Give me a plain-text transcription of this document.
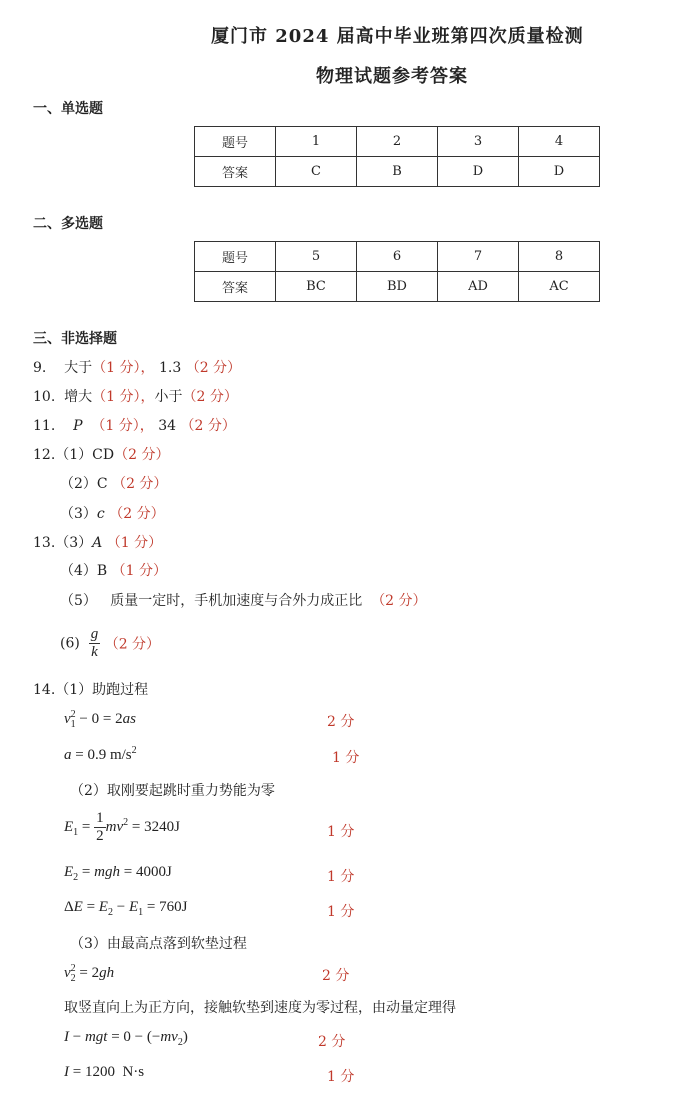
厦门市 2024 届高中毕业班第四次质量检测
物理试题参考答案
一、单选题
题号	1	2	3	4
答案	C	B	D	D
二、多选题
题号	5	6	7	8
答案	BC	BD	AD	AC
三、非选择题
9. 大于（1 分）， 1.3 （2 分）
10. 增大（1 分），小于（2 分）
11. P （1 分）， 34 （2 分）
12.（1）CD（2 分）
（2）C （2 分）
（3）c （2 分）
13.（3）A （1 分）
（4）B （1 分）
（5） 质量一定时，手机加速度与合外力成正比 （2 分）
$(6) \frac{g}{k} (2$ 分）
14.（1）助跑过程
$v_1^2 - 0 = 2as$	2 分
a = 0.9 $m/s^2$	1 分
（2）取刚要起跳时重力势能为零
$E_1 = \frac{1}{2} mv^2 = 3240J$	1 分
$E_2$ = mgh = 4000J	1 分
$\Delta E = E_2 - E_1 = 760J$	1 分
（3）由最高点落到软垫过程
$v_2^2 = 2gh$	2 分
取竖直向上为正方向，接触软垫到速度为零过程，由动量定理得
I − mgt = $0 - (-mv_2)$	2 分
I = 1200  N·s	1 分
